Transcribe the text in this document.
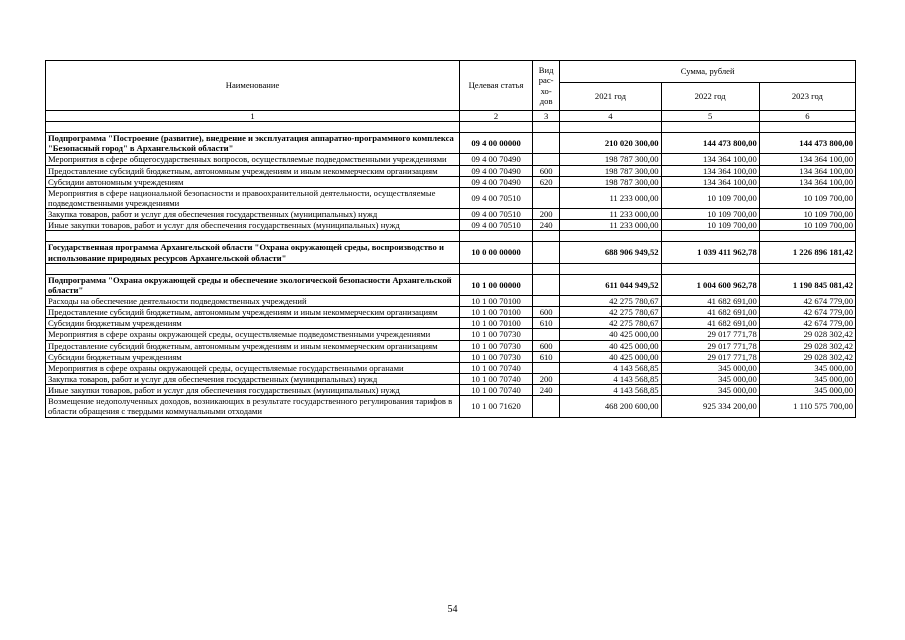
Наименование	Целевая статья	Вид рас-хо-дов	Сумма, рублей		
			2021 год	2022 год	2023 год
1	2	3	4	5	6

Подпрограмма "Построение (развитие), внедрение и эксплуатация аппаратно-программного комплекса "Безопасный город" в Архангельской области"	09 4 00 00000		210 020 300,00	144 473 800,00	144 473 800,00
Мероприятия в сфере общегосударственных вопросов, осуществляемые подведомственными учреждениями	09 4 00 70490		198 787 300,00	134 364 100,00	134 364 100,00
Предоставление субсидий бюджетным, автономным учреждениям и иным некоммерческим организациям	09 4 00 70490	600	198 787 300,00	134 364 100,00	134 364 100,00
Субсидии автономным учреждениям	09 4 00 70490	620	198 787 300,00	134 364 100,00	134 364 100,00
Мероприятия в сфере национальной безопасности и правоохранительной деятельности, осуществляемые подведомственными учреждениями	09 4 00 70510		11 233 000,00	10 109 700,00	10 109 700,00
Закупка товаров, работ и услуг для обеспечения государственных (муниципальных) нужд	09 4 00 70510	200	11 233 000,00	10 109 700,00	10 109 700,00
Иные закупки товаров, работ и услуг для обеспечения государственных (муниципальных) нужд	09 4 00 70510	240	11 233 000,00	10 109 700,00	10 109 700,00

Государственная программа Архангельской области "Охрана окружающей среды, воспроизводство и использование природных ресурсов Архангельской области"	10 0 00 00000		688 906 949,52	1 039 411 962,78	1 226 896 181,42

Подпрограмма "Охрана окружающей среды и обеспечение экологической безопасности Архангельской области"	10 1 00 00000		611 044 949,52	1 004 600 962,78	1 190 845 081,42
Расходы на обеспечение деятельности подведомственных учреждений	10 1 00 70100		42 275 780,67	41 682 691,00	42 674 779,00
Предоставление субсидий бюджетным, автономным учреждениям и иным некоммерческим организациям	10 1 00 70100	600	42 275 780,67	41 682 691,00	42 674 779,00
Субсидии бюджетным учреждениям	10 1 00 70100	610	42 275 780,67	41 682 691,00	42 674 779,00
Мероприятия в сфере охраны окружающей среды, осуществляемые подведомственными учреждениями	10 1 00 70730		40 425 000,00	29 017 771,78	29 028 302,42
Предоставление субсидий бюджетным, автономным учреждениям и иным некоммерческим организациям	10 1 00 70730	600	40 425 000,00	29 017 771,78	29 028 302,42
Субсидии бюджетным учреждениям	10 1 00 70730	610	40 425 000,00	29 017 771,78	29 028 302,42
Мероприятия в сфере охраны окружающей среды, осуществляемые государственными органами	10 1 00 70740		4 143 568,85	345 000,00	345 000,00
Закупка товаров, работ и услуг для обеспечения государственных (муниципальных) нужд	10 1 00 70740	200	4 143 568,85	345 000,00	345 000,00
Иные закупки товаров, работ и услуг для обеспечения государственных (муниципальных) нужд	10 1 00 70740	240	4 143 568,85	345 000,00	345 000,00
Возмещение недополученных доходов, возникающих в результате государственного регулирования тарифов в области обращения с твердыми коммунальными отходами	10 1 00 71620		468 200 600,00	925 334 200,00	1 110 575 700,00
54
